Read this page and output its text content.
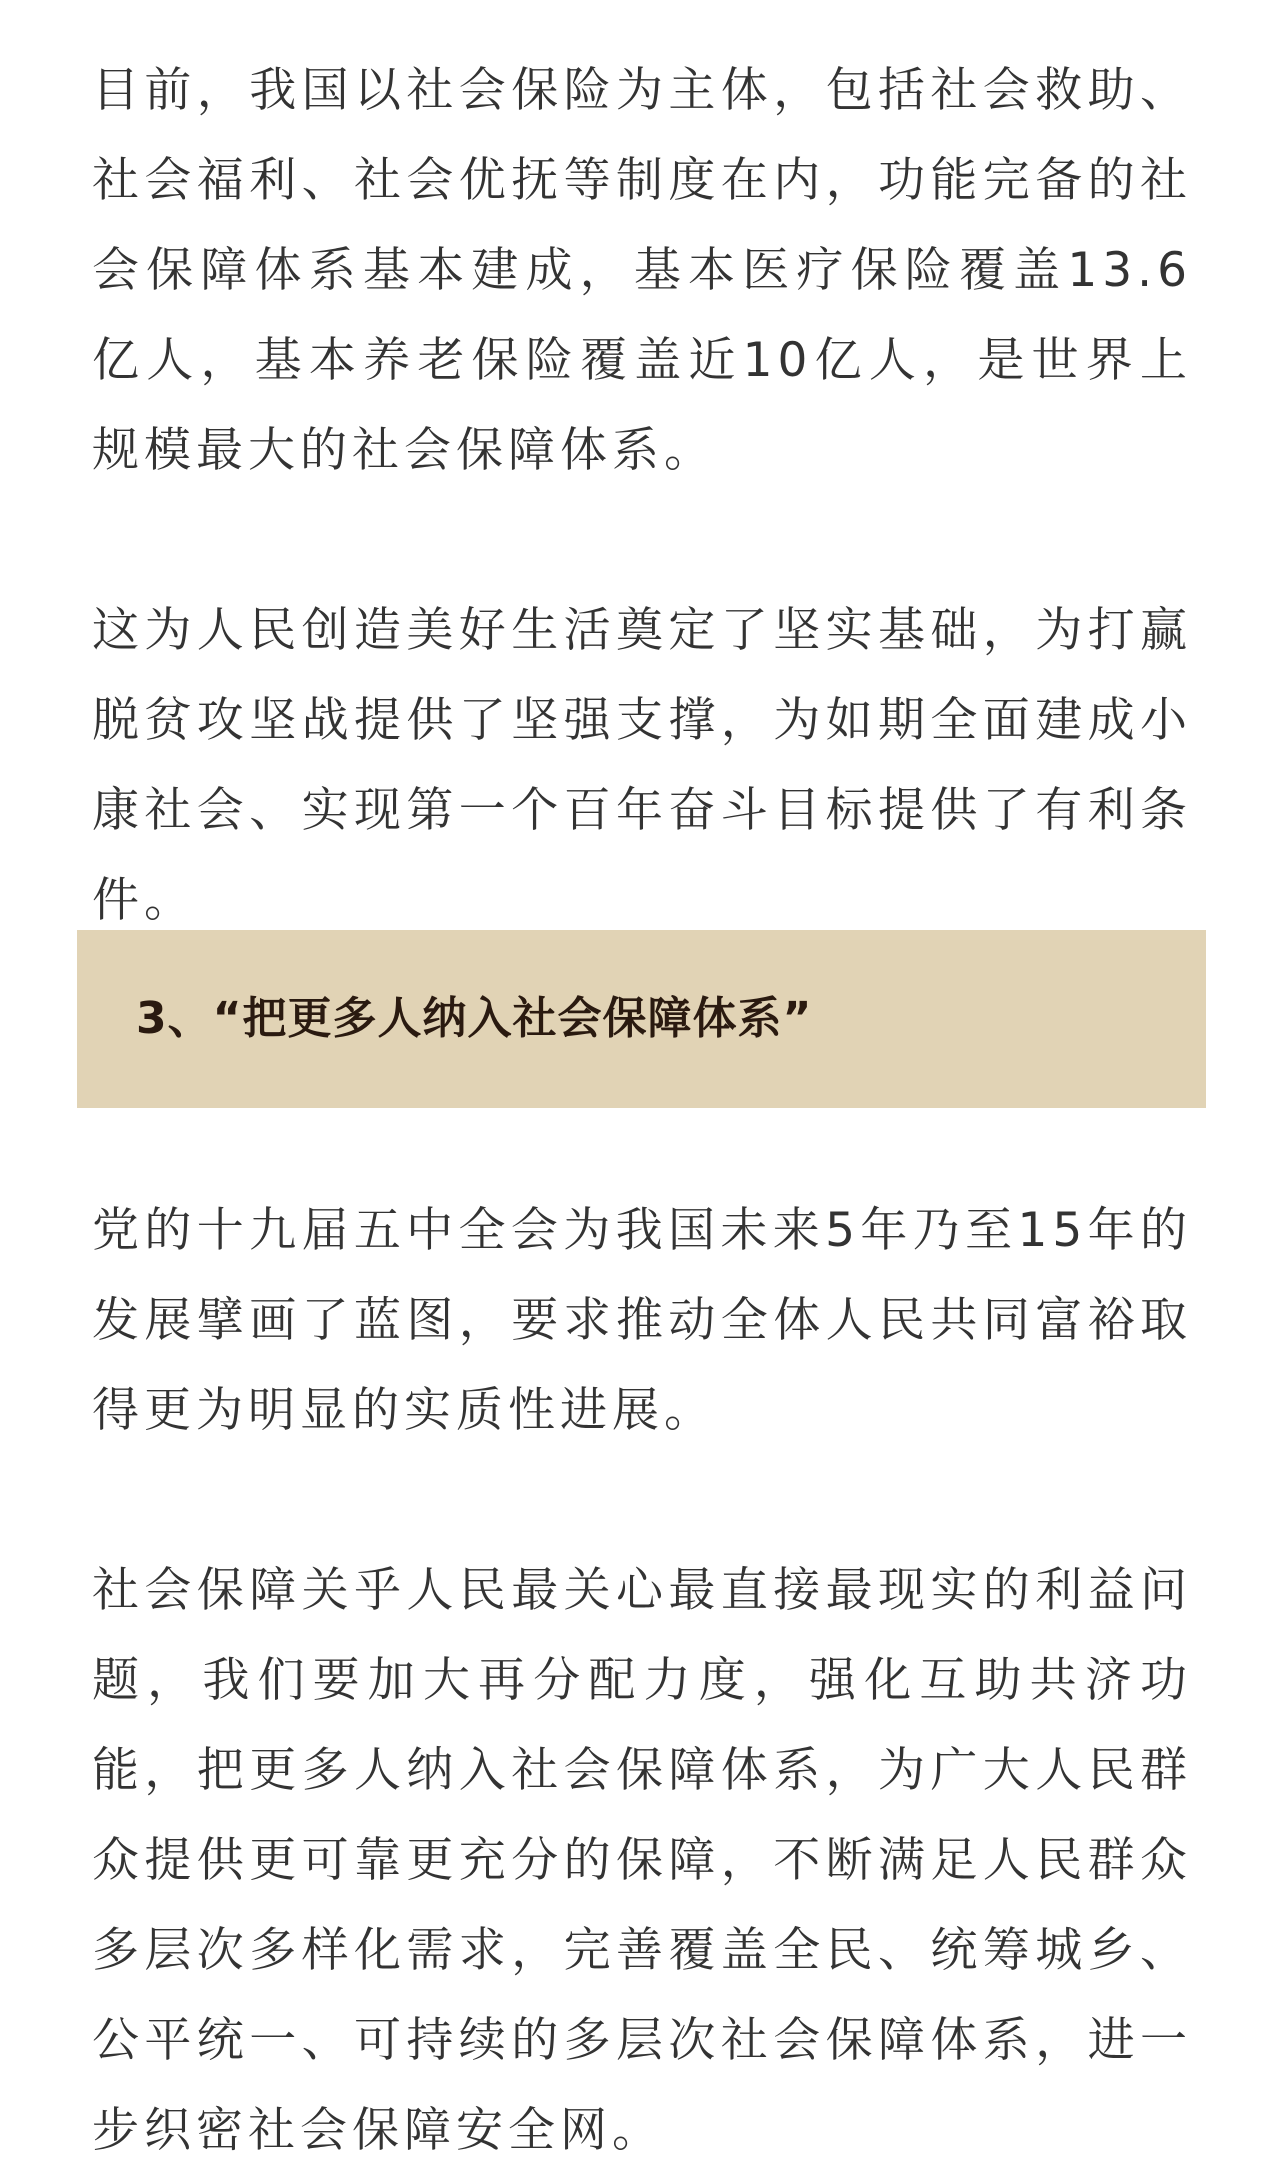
目前，我国以社会保险为主体，包括社会救助、社会福利、社会优抚等制度在内，功能完备的社会保障体系基本建成，基本医疗保险覆盖13.6亿人，基本养老保险覆盖近10亿人，是世界上规模最大的社会保障体系。

这为人民创造美好生活奠定了坚实基础，为打赢脱贫攻坚战提供了坚强支撑，为如期全面建成小康社会、实现第一个百年奋斗目标提供了有利条件。

3、“把更多人纳入社会保障体系”

党的十九届五中全会为我国未来5年乃至15年的发展擘画了蓝图，要求推动全体人民共同富裕取得更为明显的实质性进展。

社会保障关乎人民最关心最直接最现实的利益问题，我们要加大再分配力度，强化互助共济功能，把更多人纳入社会保障体系，为广大人民群众提供更可靠更充分的保障，不断满足人民群众多层次多样化需求，完善覆盖全民、统筹城乡、公平统一、可持续的多层次社会保障体系，进一步织密社会保障安全网。
